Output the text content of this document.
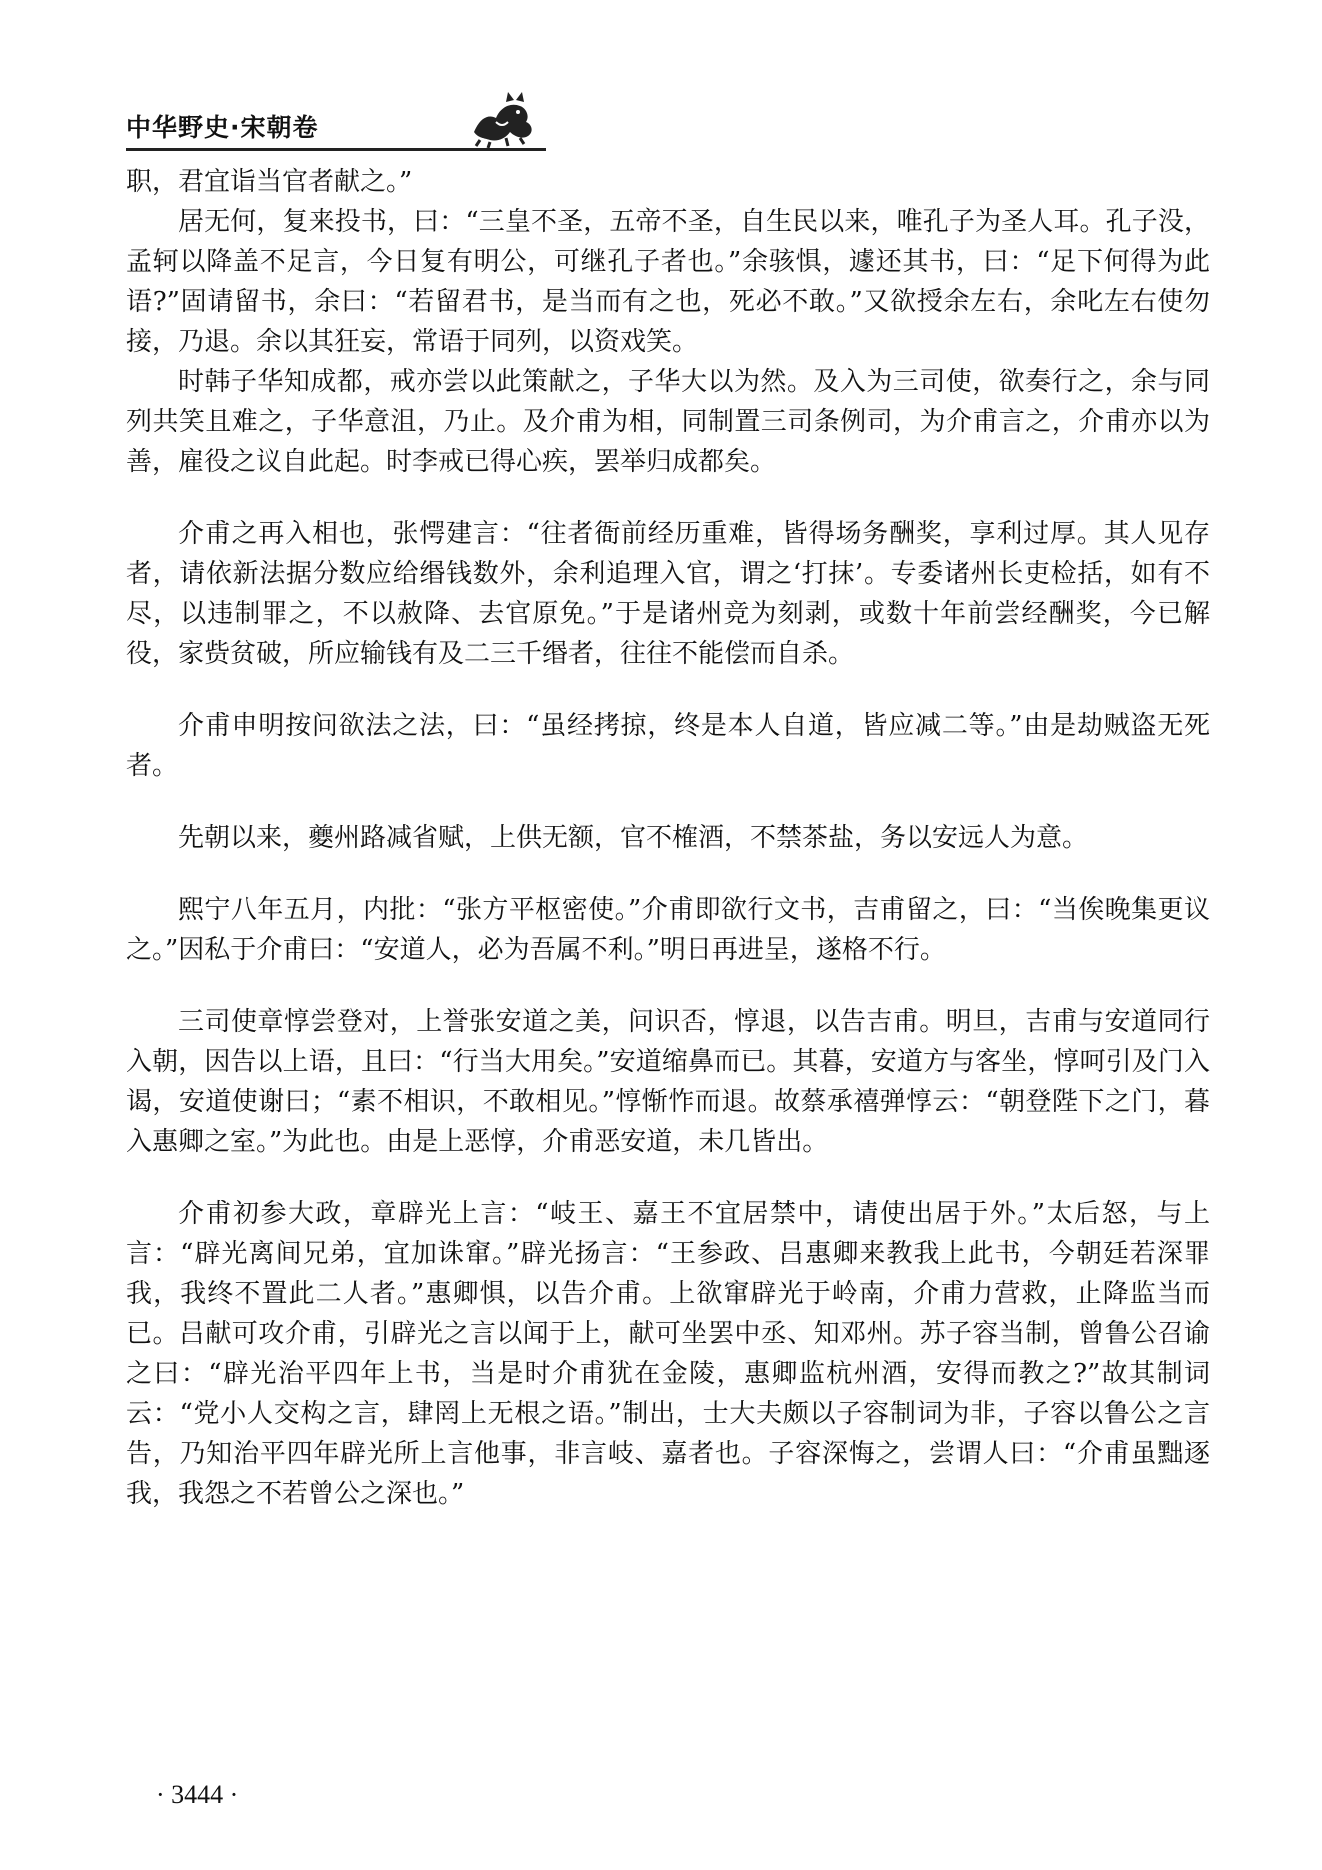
中华野史·宋朝卷

职，君宜诣当官者献之。”

居无何，复来投书，曰：“三皇不圣，五帝不圣，自生民以来，唯孔子为圣人耳。孔子没，孟轲以降盖不足言，今日复有明公，可继孔子者也。”余骇惧，遽还其书，曰：“足下何得为此语?”固请留书，余曰：“若留君书，是当而有之也，死必不敢。”又欲授余左右，余叱左右使勿接，乃退。余以其狂妄，常语于同列，以资戏笑。

时韩子华知成都，戒亦尝以此策献之，子华大以为然。及入为三司使，欲奏行之，余与同列共笑且难之，子华意沮，乃止。及介甫为相，同制置三司条例司，为介甫言之，介甫亦以为善，雇役之议自此起。时李戒已得心疾，罢举归成都矣。

介甫之再入相也，张愕建言：“往者衙前经历重难，皆得场务酬奖，享利过厚。其人见存者，请依新法据分数应给缗钱数外，余利追理入官，谓之‘打抹’。专委诸州长吏检括，如有不尽，以违制罪之，不以赦降、去官原免。”于是诸州竞为刻剥，或数十年前尝经酬奖，今已解役，家赀贫破，所应输钱有及二三千缗者，往往不能偿而自杀。

介甫申明按问欲法之法，曰：“虽经拷掠，终是本人自道，皆应减二等。”由是劫贼盗无死者。

先朝以来，夔州路减省赋，上供无额，官不榷酒，不禁茶盐，务以安远人为意。

熙宁八年五月，内批：“张方平枢密使。”介甫即欲行文书，吉甫留之，曰：“当俟晚集更议之。”因私于介甫曰：“安道人，必为吾属不利。”明日再进呈，遂格不行。

三司使章惇尝登对，上誉张安道之美，问识否，惇退，以告吉甫。明旦，吉甫与安道同行入朝，因告以上语，且曰：“行当大用矣。”安道缩鼻而已。其暮，安道方与客坐，惇呵引及门入谒，安道使谢曰；“素不相识，不敢相见。”惇惭怍而退。故蔡承禧弹惇云：“朝登陛下之门，暮入惠卿之室。”为此也。由是上恶惇，介甫恶安道，未几皆出。

介甫初参大政，章辟光上言：“岐王、嘉王不宜居禁中，请使出居于外。”太后怒，与上言：“辟光离间兄弟，宜加诛窜。”辟光扬言：“王参政、吕惠卿来教我上此书，今朝廷若深罪我，我终不置此二人者。”惠卿惧，以告介甫。上欲窜辟光于岭南，介甫力营救，止降监当而已。吕献可攻介甫，引辟光之言以闻于上，献可坐罢中丞、知邓州。苏子容当制，曾鲁公召谕之曰：“辟光治平四年上书，当是时介甫犹在金陵，惠卿监杭州酒，安得而教之?”故其制词云：“党小人交构之言，肆罔上无根之语。”制出，士大夫颇以子容制词为非，子容以鲁公之言告，乃知治平四年辟光所上言他事，非言岐、嘉者也。子容深悔之，尝谓人曰：“介甫虽黜逐我，我怨之不若曾公之深也。”

· 3444 ·
